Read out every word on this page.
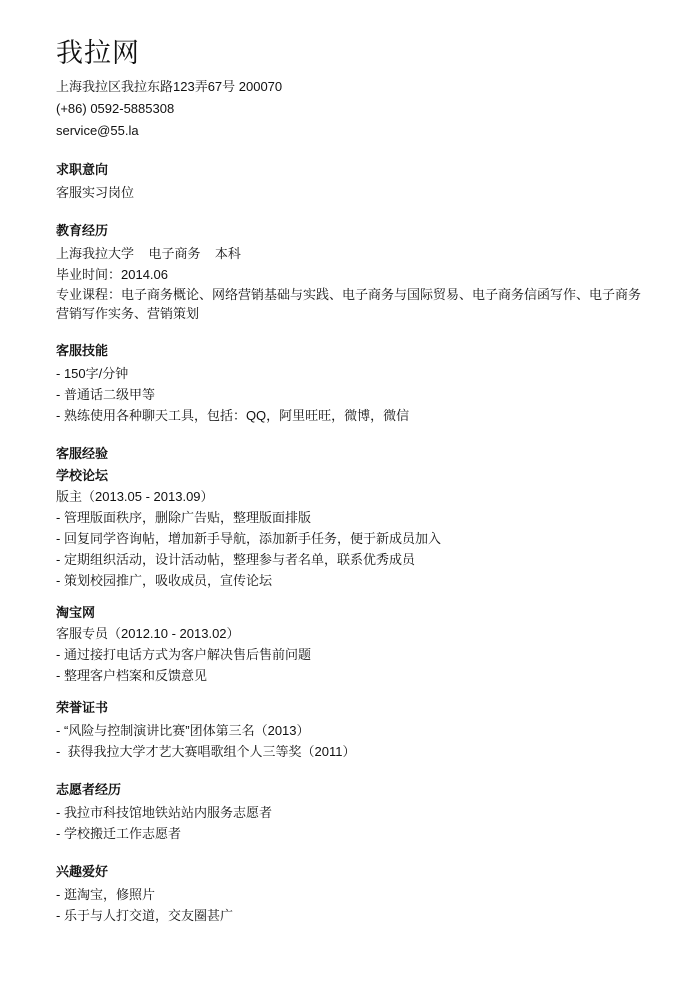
我拉网
上海我拉区我拉东路123弄67号 200070
(+86) 0592-5885308
service@55.la
求职意向
客服实习岗位
教育经历
上海我拉大学    电子商务    本科
毕业时间：2014.06
专业课程：电子商务概论、网络营销基础与实践、电子商务与国际贸易、电子商务信函写作、电子商务营销写作实务、营销策划
客服技能
- 150字/分钟
- 普通话二级甲等
- 熟练使用各种聊天工具，包括：QQ，阿里旺旺，微博，微信
客服经验
学校论坛
版主（2013.05 - 2013.09）
- 管理版面秩序，删除广告贴，整理版面排版
- 回复同学咨询帖，增加新手导航，添加新手任务，便于新成员加入
- 定期组织活动，设计活动帖，整理参与者名单，联系优秀成员
- 策划校园推广，吸收成员，宣传论坛
淘宝网
客服专员（2012.10 - 2013.02）
- 通过接打电话方式为客户解决售后售前问题
- 整理客户档案和反馈意见
荣誉证书
- “风险与控制演讲比赛”团体第三名（2013）
-  获得我拉大学才艺大赛唱歌组个人三等奖（2011）
志愿者经历
- 我拉市科技馆地铁站站内服务志愿者
- 学校搬迁工作志愿者
兴趣爱好
- 逛淘宝，修照片
- 乐于与人打交道，交友圈甚广
